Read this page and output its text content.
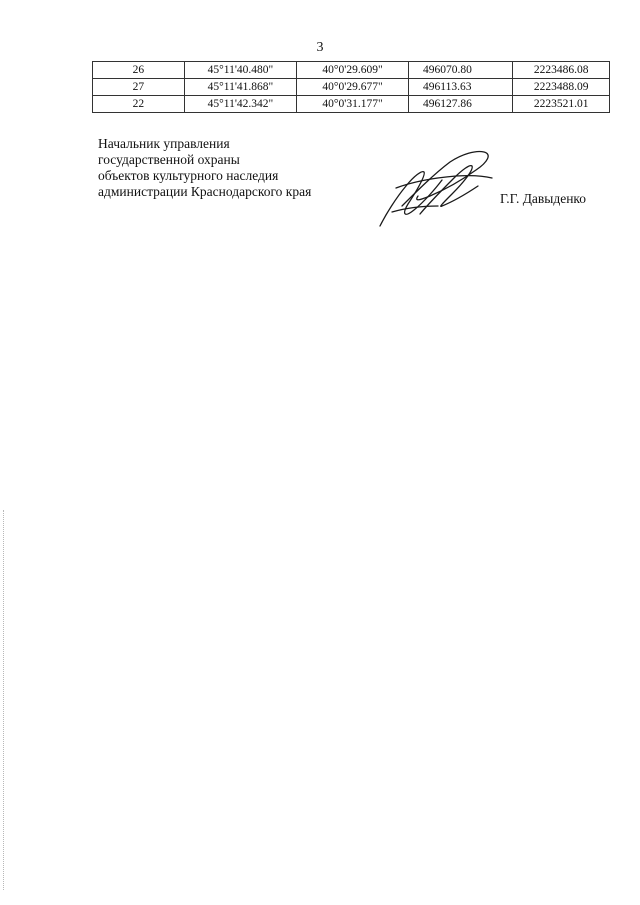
3
26	45°11'40.480"	40°0'29.609"	496070.80	2223486.08
27	45°11'41.868"	40°0'29.677"	496113.63	2223488.09
22	45°11'42.342"	40°0'31.177"	496127.86	2223521.01
Начальник управления
государственной охраны
объектов культурного наследия
администрации Краснодарского края	Г.Г. Давыденко
